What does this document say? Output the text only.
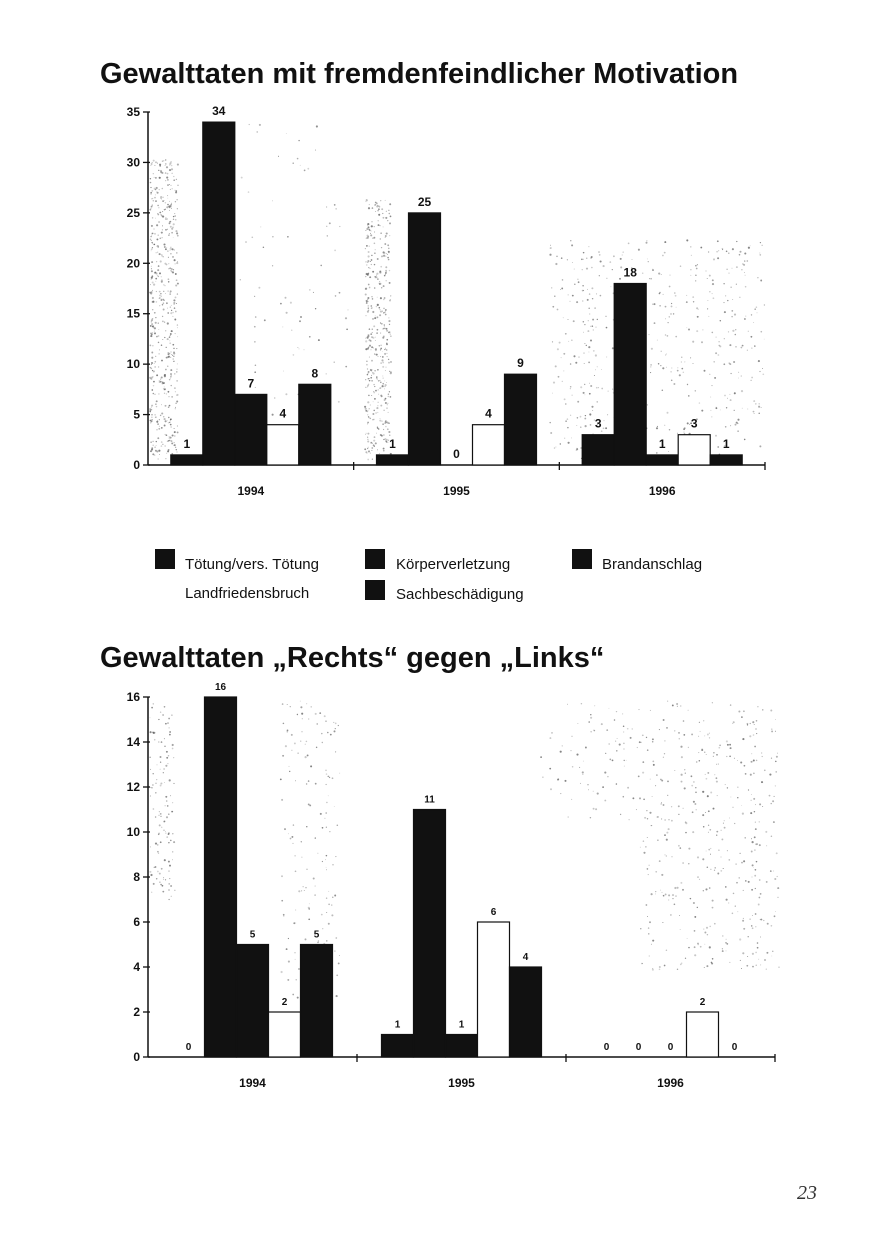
Gewalttaten mit fremdenfeindlicher Motivation
0
5
10
15
20
25
30
35
1994	1995	1996
1
34
7
4
8
1
25
0
4
9
3
18
1
3
1
Tötung/vers. Tötung	Körperverletzung	Brandanschlag
Landfriedensbruch	Sachbeschädigung
Gewalttaten „Rechts“ gegen „Links“
0
2
4
6
8
10
12
14
16
1994	1995	1996
0
16
5
2
5
1
11
1
6
4
0	0	0
2
0
23
